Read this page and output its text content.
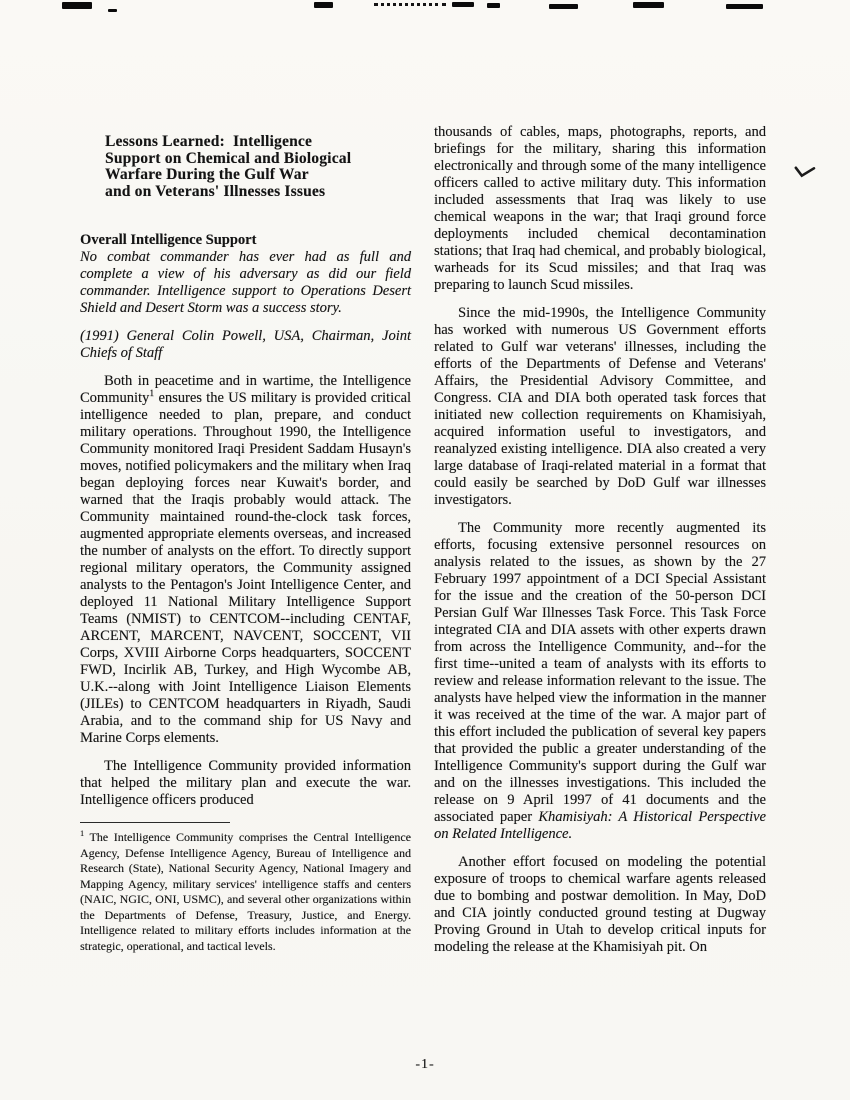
Lessons Learned:  Intelligence
Support on Chemical and Biological
Warfare During the Gulf War
and on Veterans' Illnesses Issues
Overall Intelligence Support

No combat commander has ever had as full and complete a view of his adversary as did our field commander. Intelligence support to Operations Desert Shield and Desert Storm was a success story.

(1991) General Colin Powell, USA, Chairman, Joint Chiefs of Staff

Both in peacetime and in wartime, the Intelligence Community$^1$ ensures the US military is provided critical intelligence needed to plan, prepare, and conduct military operations. Throughout 1990, the Intelligence Community monitored Iraqi President Saddam Husayn's moves, notified policymakers and the military when Iraq began deploying forces near Kuwait's border, and warned that the Iraqis probably would attack. The Community maintained round-the-clock task forces, augmented appropriate elements overseas, and increased the number of analysts on the effort. To directly support regional military operators, the Community assigned analysts to the Pentagon's Joint Intelligence Center, and deployed 11 National Military Intelligence Support Teams (NMIST) to CENTCOM--including CENTAF, ARCENT, MARCENT, NAVCENT, SOCCENT, VII Corps, XVIII Airborne Corps headquarters, SOCCENT FWD, Incirlik AB, Turkey, and High Wycombe AB, U.K.--along with Joint Intelligence Liaison Elements (JILEs) to CENTCOM headquarters in Riyadh, Saudi Arabia, and to the command ship for US Navy and Marine Corps elements.

The Intelligence Community provided information that helped the military plan and execute the war. Intelligence officers produced

$^1$ The Intelligence Community comprises the Central Intelligence Agency, Defense Intelligence Agency, Bureau of Intelligence and Research (State), National Security Agency, National Imagery and Mapping Agency, military services' intelligence staffs and centers (NAIC, NGIC, ONI, USMC), and several other organizations within the Departments of Defense, Treasury, Justice, and Energy. Intelligence related to military efforts includes information at the strategic, operational, and tactical levels.

thousands of cables, maps, photographs, reports, and briefings for the military, sharing this information electronically and through some of the many intelligence officers called to active military duty. This information included assessments that Iraq was likely to use chemical weapons in the war; that Iraqi ground force deployments included chemical decontamination stations; that Iraq had chemical, and probably biological, warheads for its Scud missiles; and that Iraq was preparing to launch Scud missiles.

Since the mid-1990s, the Intelligence Community has worked with numerous US Government efforts related to Gulf war veterans' illnesses, including the efforts of the Departments of Defense and Veterans' Affairs, the Presidential Advisory Committee, and Congress. CIA and DIA both operated task forces that initiated new collection requirements on Khamisiyah, acquired information useful to investigators, and reanalyzed existing intelligence. DIA also created a very large database of Iraqi-related material in a format that could easily be searched by DoD Gulf war illnesses investigators.

The Community more recently augmented its efforts, focusing extensive personnel resources on analysis related to the issues, as shown by the 27 February 1997 appointment of a DCI Special Assistant for the issue and the creation of the 50-person DCI Persian Gulf War Illnesses Task Force. This Task Force integrated CIA and DIA assets with other experts drawn from across the Intelligence Community, and--for the first time--united a team of analysts with its efforts to review and release information relevant to the issue. The analysts have helped view the information in the manner it was received at the time of the war. A major part of this effort included the publication of several key papers that provided the public a greater understanding of the Intelligence Community's support during the Gulf war and on the illnesses investigations. This included the release on 9 April 1997 of 41 documents and the associated paper Khamisiyah: A Historical Perspective on Related Intelligence.

Another effort focused on modeling the potential exposure of troops to chemical warfare agents released due to bombing and postwar demolition. In May, DoD and CIA jointly conducted ground testing at Dugway Proving Ground in Utah to develop critical inputs for modeling the release at the Khamisiyah pit. On

-1-
